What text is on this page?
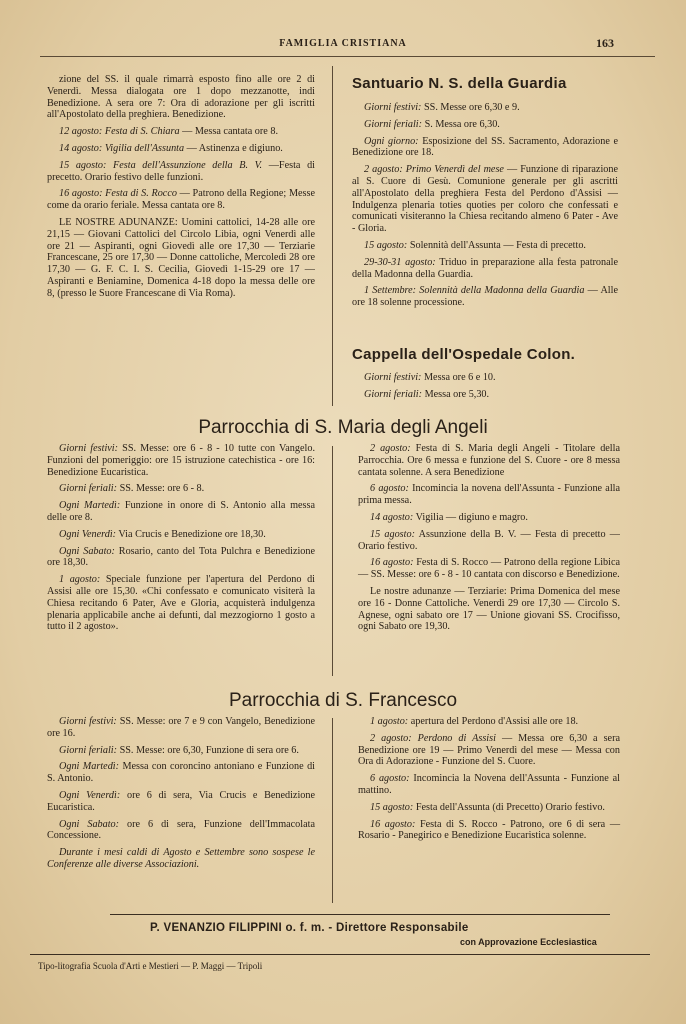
FAMIGLIA CRISTIANA	163

zione del SS. il quale rimarrà esposto fino alle ore 2 di Venerdì. Messa dialogata ore 1 dopo mezzanotte, indi Benedizione. A sera ore 7: Ora di adorazione per gli iscritti all'Apostolato della preghiera. Benedizione.

12 agosto: Festa di S. Chiara — Messa cantata ore 8.

14 agosto: Vigilia dell'Assunta — Astinenza e digiuno.

15 agosto: Festa dell'Assunzione della B. V. —Festa di precetto. Orario festivo delle funzioni.

16 agosto: Festa di S. Rocco — Patrono della Regione; Messe come da orario feriale. Messa cantata ore 8.

LE NOSTRE ADUNANZE: Uomini cattolici, 14-28 alle ore 21,15 — Giovani Cattolici del Circolo Libia, ogni Venerdì alle ore 21 — Aspiranti, ogni Giovedì alle ore 17,30 — Terziarie Francescane, 25 ore 17,30 — Donne cattoliche, Mercoledì 28 ore 17,30 — G. F. C. I. S. Cecilia, Giovedì 1-15-29 ore 17 — Aspiranti e Beniamine, Domenica 4-18 dopo la messa delle ore 8, (presso le Suore Francescane di Via Roma).

Santuario N. S. della Guardia

Giorni festivi: SS. Messe ore 6,30 e 9.

Giorni feriali: S. Messa ore 6,30.

Ogni giorno: Esposizione del SS. Sacramento, Adorazione e Benedizione ore 18.

2 agosto: Primo Venerdì del mese — Funzione di riparazione al S. Cuore di Gesù. Comunione generale per gli ascritti all'Apostolato della preghiera Festa del Perdono d'Assisi — Indulgenza plenaria toties quoties per coloro che confessati e comunicati visiteranno la Chiesa recitando almeno 6 Pater - Ave - Gloria.

15 agosto: Solennità dell'Assunta — Festa di precetto.

29-30-31 agosto: Triduo in preparazione alla festa patronale della Madonna della Guardia.

1 Settembre: Solennità della Madonna della Guardia — Alle ore 18 solenne processione.

Cappella dell'Ospedale Colon.

Giorni festivi: Messa ore 6 e 10.

Giorni feriali: Messa ore 5,30.

Parrocchia di S. Maria degli Angeli

Giorni festivi: SS. Messe: ore 6 - 8 - 10 tutte con Vangelo. Funzioni del pomeriggio: ore 15 istruzione catechistica - ore 16: Benedizione Eucaristica.

Giorni feriali: SS. Messe: ore 6 - 8.

Ogni Martedì: Funzione in onore di S. Antonio alla messa delle ore 8.

Ogni Venerdì: Via Crucis e Benedizione ore 18,30.

Ogni Sabato: Rosario, canto del Tota Pulchra e Benedizione ore 18,30.

1 agosto: Speciale funzione per l'apertura del Perdono di Assisi alle ore 15,30. «Chi confessato e comunicato visiterà la Chiesa recitando 6 Pater, Ave e Gloria, acquisterà indulgenza plenaria applicabile anche ai defunti, dal mezzogiorno 1 gosto a tutto il 2 agosto».

2 agosto: Festa di S. Maria degli Angeli - Titolare della Parrocchia. Ore 6 messa e funzione del S. Cuore - ore 8 messa cantata solenne. A sera Benedizione

6 agosto: Incomincia la novena dell'Assunta - Funzione alla prima messa.

14 agosto: Vigilia — digiuno e magro.

15 agosto: Assunzione della B. V. — Festa di precetto — Orario festivo.

16 agosto: Festa di S. Rocco — Patrono della regione Libica — SS. Messe: ore 6 - 8 - 10 cantata con discorso e Benedizione.

Le nostre adunanze — Terziarie: Prima Domenica del mese ore 16 - Donne Cattoliche. Venerdì 29 ore 17,30 — Circolo S. Agnese, ogni sabato ore 17 — Unione giovani SS. Crocifisso, ogni Sabato ore 19,30.

Parrocchia di S. Francesco

Giorni festivi: SS. Messe: ore 7 e 9 con Vangelo, Benedizione ore 16.

Giorni feriali: SS. Messe: ore 6,30, Funzione di sera ore 6.

Ogni Martedì: Messa con coroncino antoniano e Funzione di S. Antonio.

Ogni Venerdì: ore 6 di sera, Via Crucis e Benedizione Eucaristica.

Ogni Sabato: ore 6 di sera, Funzione dell'Immacolata Concessione.

Durante i mesi caldi di Agosto e Settembre sono sospese le Conferenze alle diverse Associazioni.

1 agosto: apertura del Perdono d'Assisi alle ore 18.

2 agosto: Perdono di Assisi — Messa ore 6,30 a sera Benedizione ore 19 — Primo Venerdì del mese — Messa con Ora di Adorazione - Funzione del S. Cuore.

6 agosto: Incomincia la Novena dell'Assunta - Funzione al mattino.

15 agosto: Festa dell'Assunta (di Precetto) Orario festivo.

16 agosto: Festa di S. Rocco - Patrono, ore 6 di sera — Rosario - Panegirico e Benedizione Eucaristica solenne.

P. VENANZIO FILIPPINI o. f. m. - Direttore Responsabile
con Approvazione Ecclesiastica
Tipo-litografia Scuola d'Arti e Mestieri — P. Maggi — Tripoli
